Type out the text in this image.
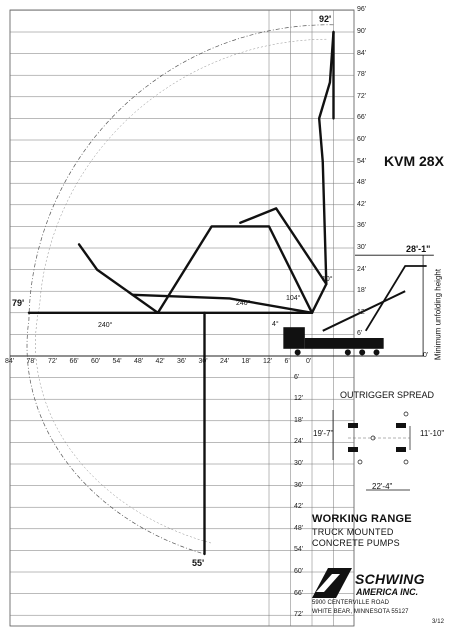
84' 78' 72' 66' 60' 54' 48' 42' 36' 30' 24' 18' 12' 6' 0'
0'
6'
12'
18'
24'
30'
36'
42'
48'
54'
60'
66'
72'
78'
84'
90'
96'
6'
12'
18'
24'
30'
36'
42'
48'
54'
60'
66'
72'
92'
79'
55'
28'-1"
KVM 28X
240°
240°
104°
10°
4°	Minimum unfolding height
OUTRIGGER SPREAD
19'-7"	11'-10"
22'-4"
WORKING RANGE
TRUCK MOUNTED
CONCRETE PUMPS
SCHWING
AMERICA INC.
5900 CENTERVILLE ROAD
WHITE BEAR, MINNESOTA 55127
3/12
